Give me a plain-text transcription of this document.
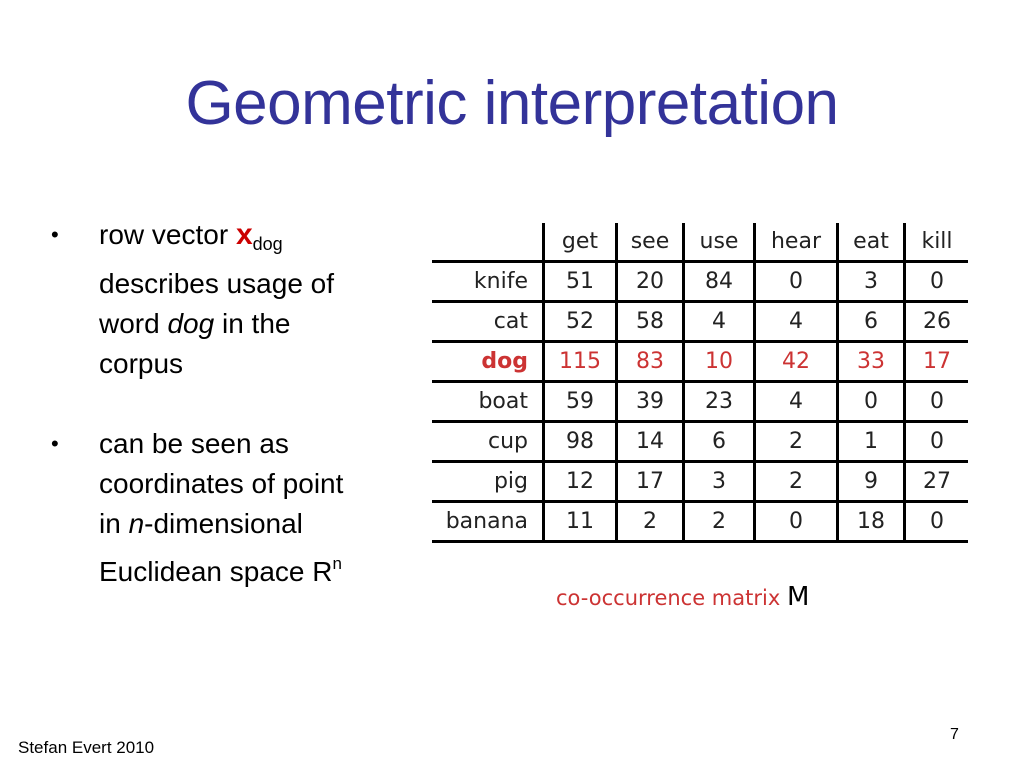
Geometric interpretation
• row vector $x_{dog}$
describes usage of
word dog in the
corpus
• can be seen as
coordinates of point
in n-dimensional
Euclidean space $R^n$
	get	see	use	hear	eat	kill
knife	51	20	84	0	3	0
cat	52	58	4	4	6	26
dog	115	83	10	42	33	17
boat	59	39	23	4	0	0
cup	98	14	6	2	1	0
pig	12	17	3	2	9	27
banana	11	2	2	0	18	0
co-occurrence matrix M
7
Stefan Evert 2010
